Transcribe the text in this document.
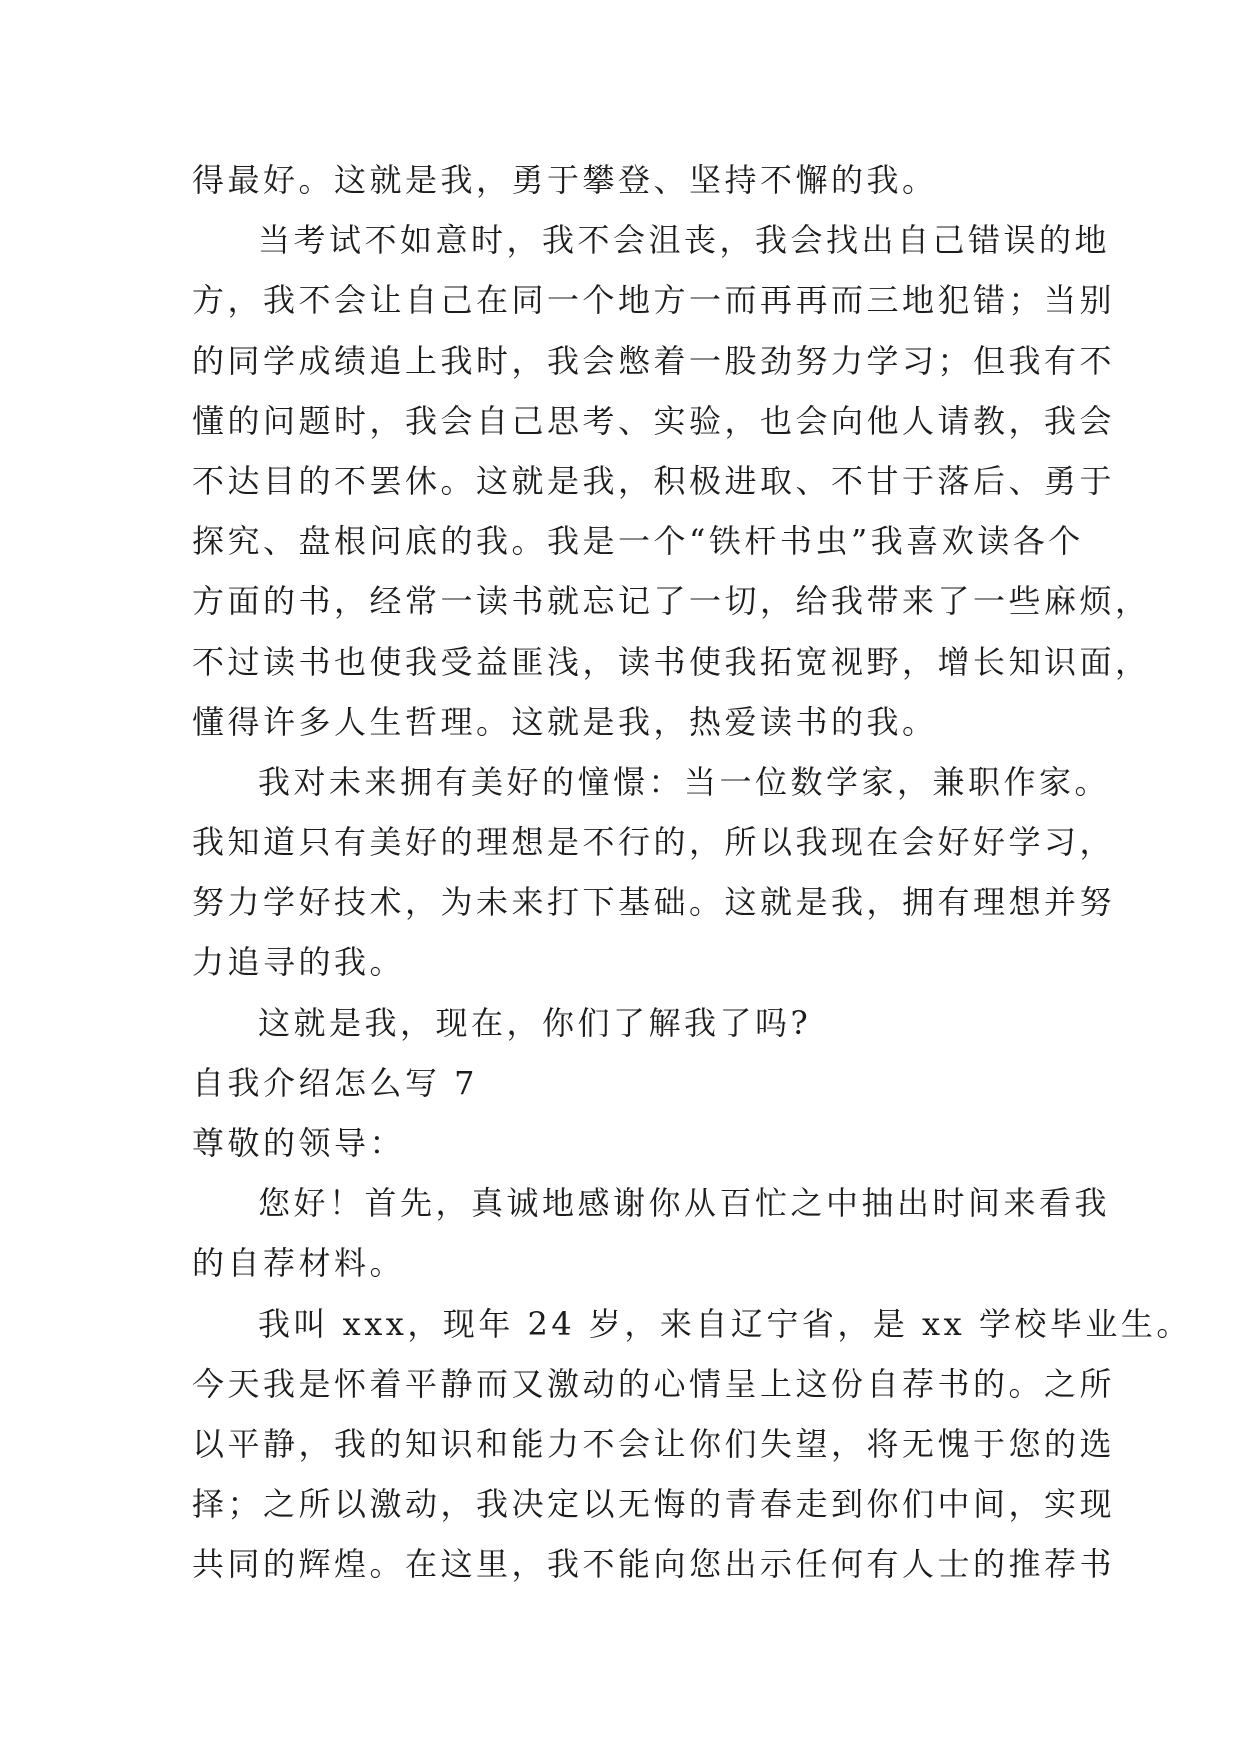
得最好。这就是我，勇于攀登、坚持不懈的我。
当考试不如意时，我不会沮丧，我会找出自己错误的地
方，我不会让自己在同一个地方一而再再而三地犯错；当别
的同学成绩追上我时，我会憋着一股劲努力学习；但我有不
懂的问题时，我会自己思考、实验，也会向他人请教，我会
不达目的不罢休。这就是我，积极进取、不甘于落后、勇于
探究、盘根问底的我。我是一个“铁杆书虫”我喜欢读各个
方面的书，经常一读书就忘记了一切，给我带来了一些麻烦，
不过读书也使我受益匪浅，读书使我拓宽视野，增长知识面，
懂得许多人生哲理。这就是我，热爱读书的我。
我对未来拥有美好的憧憬：当一位数学家，兼职作家。
我知道只有美好的理想是不行的，所以我现在会好好学习，
努力学好技术，为未来打下基础。这就是我，拥有理想并努
力追寻的我。
这就是我，现在，你们了解我了吗?
自我介绍怎么写 7
尊敬的领导：
您好！首先，真诚地感谢你从百忙之中抽出时间来看我
的自荐材料。
我叫 xxx，现年 24 岁，来自辽宁省，是 xx 学校毕业生。
今天我是怀着平静而又激动的心情呈上这份自荐书的。之所
以平静，我的知识和能力不会让你们失望，将无愧于您的选
择；之所以激动，我决定以无悔的青春走到你们中间，实现
共同的辉煌。在这里，我不能向您出示任何有人士的推荐书
